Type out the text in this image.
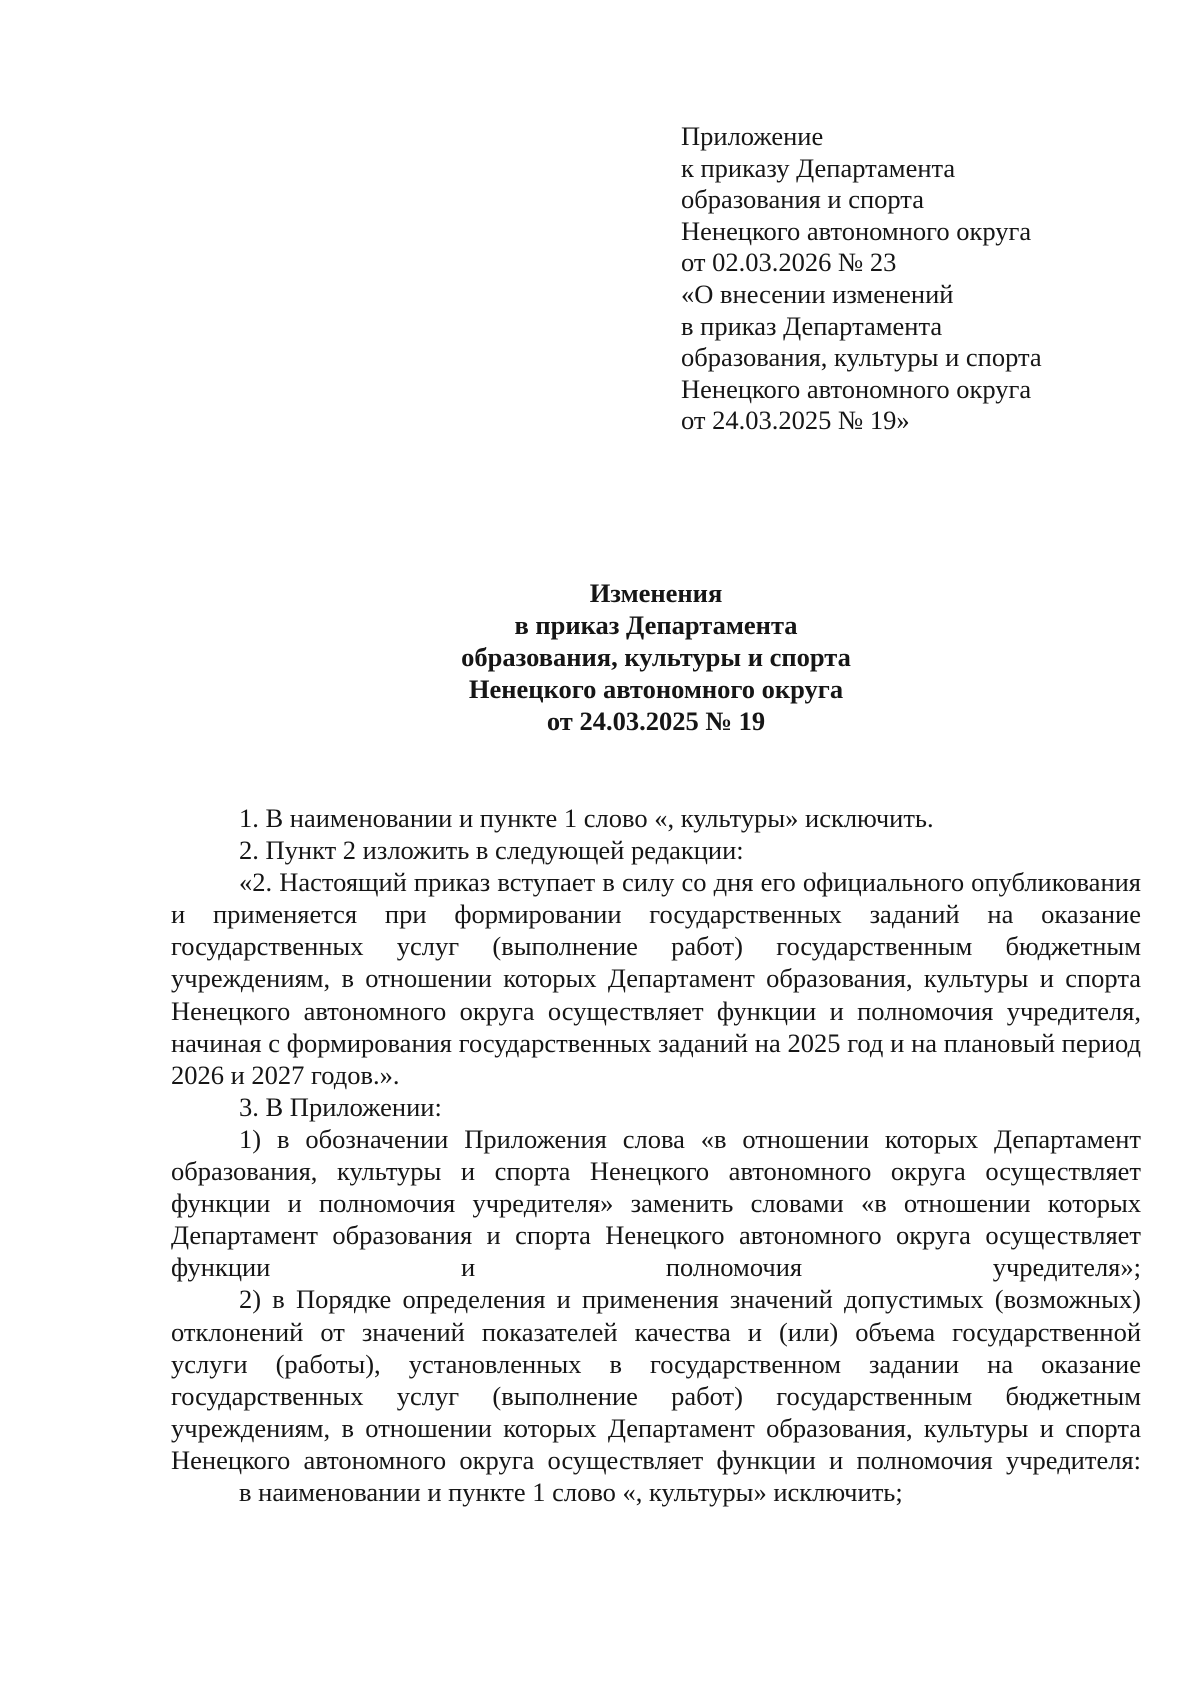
Приложение
к приказу Департамента
образования и спорта
Ненецкого автономного округа
от 02.03.2026 № 23
«О внесении изменений
в приказ Департамента
образования, культуры и спорта
Ненецкого автономного округа
от 24.03.2025 № 19»
Изменения
в приказ Департамента
образования, культуры и спорта
Ненецкого автономного округа
от 24.03.2025 № 19

1. В наименовании и пункте 1 слово «, культуры» исключить.

2. Пункт 2 изложить в следующей редакции:

«2. Настоящий приказ вступает в силу со дня его официального опубликования и применяется при формировании государственных заданий на оказание государственных услуг (выполнение работ) государственным бюджетным учреждениям, в отношении которых Департамент образования, культуры и спорта Ненецкого автономного округа осуществляет функции и полномочия учредителя, начиная с формирования государственных заданий на 2025 год и на плановый период 2026 и 2027 годов.».

3. В Приложении:

1) в обозначении Приложения слова «в отношении которых Департамент образования, культуры и спорта Ненецкого автономного округа осуществляет функции и полномочия учредителя» заменить словами «в отношении которых Департамент образования и спорта Ненецкого автономного округа осуществляет функции и полномочия учредителя»;

2) в Порядке определения и применения значений допустимых (возможных) отклонений от значений показателей качества и (или) объема государственной услуги (работы), установленных в государственном задании на оказание государственных услуг (выполнение работ) государственным бюджетным учреждениям, в отношении которых Департамент образования, культуры и спорта Ненецкого автономного округа осуществляет функции и полномочия учредителя:

в наименовании и пункте 1 слово «, культуры» исключить;
